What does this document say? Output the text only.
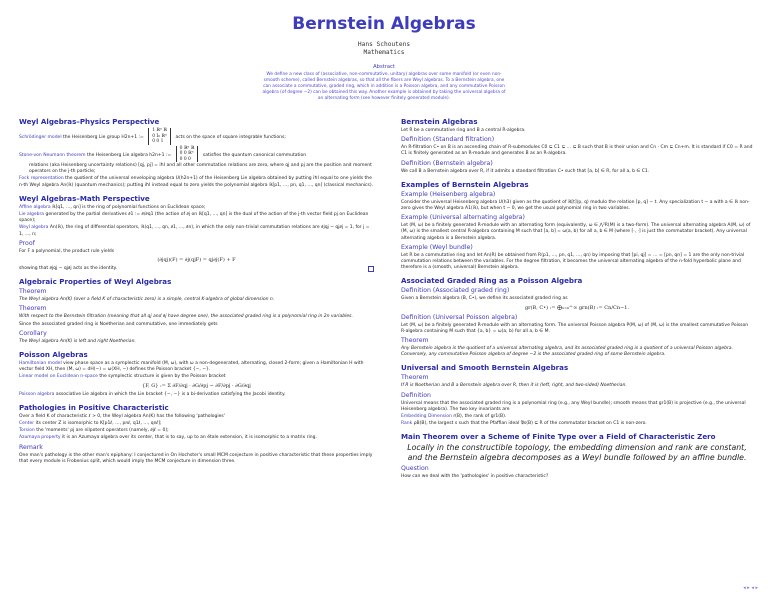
Bernstein Algebras
Hans Schoutens
Mathematics
Abstract
We define a new class of (associative, non-commutative, unitary) algebras over some manifold (or even non-smooth scheme), called Bernstein algebras, so that all the fibers are Weyl algebras. To a Bernstein algebra, one can associate a commutative, graded ring, which in addition is a Poisson algebra, and any commutative Poisson algebra (of degree −2) can be obtained this way. Another example is obtained by taking the universal algebra of an alternating form (see however finitely generated module).
Weyl Algebras–Physics Perspective
Schrödinger model the Heisenberg Lie group H2n+1 :=
1 ℝⁿ ℝ
0 I₀ ℝⁿ
0 0 1
acts on the space of square integrable functions;
Stone-von Neumann theorem the Heisenberg Lie algebra h2n+1 :=
0 ℝⁿ ℝ
0 0 ℝⁿ
0 0 0
satisfies the quantum canonical commutation
relations (aka Heisenberg uncertainty relations) [qj, pj] = iħI and all other commutation relations are zero, where qj and pj are the position and moment operators on the j-th particle;
Fock representation the quotient of the universal enveloping algebra U(h2n+1) of the Heisenberg Lie algebra obtained by putting iħI equal to one yields the n-th Weyl algebra An(ℝ) (quantum mechanics); putting iħI instead equal to zero yields the polynomial algebra ℝ[p1, …, pn, q1, …, qn] (classical mechanics).
Weyl Algebras–Math Perspective
Affine algebra ℝ[q1, …, qn] is the ring of polynomial functions on Euclidean space;
Lie algebra generated by the partial derivatives ∂1 := ∂/∂q1 (the action of ∂j on ℝ[q1, …, qn] is the dual of the action of the j-th vector field pj on Euclidean space);
Weyl algebra An(ℝ), the ring of differential operators, ℝ⟨q1, …, qn, ∂1, …, ∂n⟩, in which the only non-trivial commutation relations are ∂jqj − qj∂j = 1, for j = 1, …, n;
Proof
For F a polynomial, the product rule yields
(∂jqj)(F) = ∂j(qjF) = qj∂j(F) + F
showing that ∂jqj − qj∂j acts as the identity.
Algebraic Properties of Weyl Algebras
Theorem
The Weyl algebra An(K) (over a field K of characteristic zero) is a simple, central K-algebra of global dimension n.
Theorem
With respect to the Bernstein filtration (meaning that all qj and ∂j have degree one), the associated graded ring is a polynomial ring in 2n variables.
Since the associated graded ring is Noetherian and commutative, one immediately gets
Corollary
The Weyl algebra An(K) is left and right Noetherian.
Poisson Algebras
Hamiltonian model view phase space as a symplectic manifold (M, ω), with ω a non-degenerated, alternating, closed 2-form; given a Hamiltonian H with vector field XH, then (M, ω) = dH(−) = ω(XH, −) defines the Poisson bracket {−, −}.
Linear model on Euclidean n-space the symplectic structure is given by the Poisson bracket
{F, G} := Σ ∂F/∂qj · ∂G/∂pj − ∂F/∂pj · ∂G/∂qj
Poisson algebra associative Lie algebra in which the Lie bracket {−, −} is a bi-derivation satisfying the Jacobi identity.
Pathologies in Positive Characteristic
Over a field K of characteristic ℓ > 0, the Weyl algebra An(K) has the following 'pathologies'
Center its center Z is isomorphic to K[p1ℓ, …, pnℓ, q1ℓ, …, qnℓ];
Torsion the 'moments' pj are nilpotent operators (namely, ∂jℓ = 0);
Azumaya property it is an Azumaya algebra over its center, that is to say, up to an étale extension, it is isomorphic to a matrix ring.
Remark
One man's pathology is the other man's epiphany: I conjectured in On Hochster's small MCM conjecture in positive characteristic that these properties imply that every module is Frobenius split, which would imply the MCM conjecture in dimension three.
Bernstein Algebras
Let R be a commutative ring and B a central R-algebra.
Definition (Standard filtration)
An R-filtration C• on B is an ascending chain of R-submodules C0 ⊆ C1 ⊆ … ⊆ B such that B is their union and Cn · Cm ⊆ Cn+m. It is standard if C0 = R and C1 is finitely generated as an R-module and generates B as an R-algebra.
Definition (Bernstein algebra)
We call B a Bernstein algebra over R, if it admits a standard filtration C• such that [a, b] ∈ R, for all a, b ∈ C1.
Examples of Bernstein Algebras
Example (Heisenberg algebra)
Consider the universal Heisenberg algebra U(h3) given as the quotient of ℝ[t]⟨p, q⟩ modulo the relation [p, q] − t. Any specialization t − a with a ∈ ℝ non-zero gives the Weyl algebra A1(ℝ), but when t − 0, we get the usual polynomial ring in two variables.
Example (Universal alternating algebra)
Let (M, ω) be a finitely generated R-module with an alternating form (equivalently, ω ∈ ⋀²R(M) is a two-form). The universal alternating algebra A(M, ω) of (M, ω) is the smallest central R-algebra containing M such that [a, b] = ω(a, b) for all a, b ∈ M (where [·, ·] is just the commutator bracket). Any universal alternating algebra is a Bernstein algebra.
Example (Weyl bundle)
Let R be a commutative ring and let An(R) be obtained from R⟨p1, …, pn, q1, …, qn⟩ by imposing that [pi, qj] = … = [pn, qn] = 1 are the only non-trivial commutation relations between the variables. For the degree filtration, it becomes the universal alternating algebra of the n-fold hyperbolic plane and therefore is a (smooth, universal) Bernstein algebra.
Associated Graded Ring as a Poisson Algebra
Definition (Associated graded ring)
Given a Bernstein algebra (B, C•), we define its associated graded ring as
gr(B, C•) := ⨁ₙ₌₀^∞ grn(B) := Cn/Cn−1.
Definition (Universal Poisson algebra)
Let (M, ω) be a finitely generated R-module with an alternating form. The universal Poisson algebra P(M, ω) of (M, ω) is the smallest commutative Poisson R-algebra containing M such that {a, b} = ω(a, b) for all a, b ∈ M.
Theorem
Any Bernstein algebra is the quotient of a universal alternating algebra, and its associated graded ring is a quotient of a universal Poisson algebra. Conversely, any commutative Poisson algebra of degree −2 is the associated graded ring of some Bernstein algebra.
Universal and Smooth Bernstein Algebras
Theorem
If R is Noetherian and B a Bernstein algebra over R, then it is (left, right, and two-sided) Noetherian.
Definition
Universal means that the associated graded ring is a polynomial ring (e.g., any Weyl bundle); smooth means that gr1(B) is projective (e.g., the universal Heisenberg algebra). The two key invariants are
Embedding Dimension r(B), the rank of gr1(B).
Rank ρB(B), the largest s such that the Pfaffian ideal 𝔓s(B) ⊆ R of the commutator bracket on C1 is non-zero.
Main Theorem over a Scheme of Finite Type over a Field of Characteristic Zero
Locally in the constructible topology, the embedding dimension and rank are constant, and the Bernstein algebra decomposes as a Weyl bundle followed by an affine bundle.
Question
How can we deal with the 'pathologies' in positive characteristic?
◂ ▸ ◂ ▸
